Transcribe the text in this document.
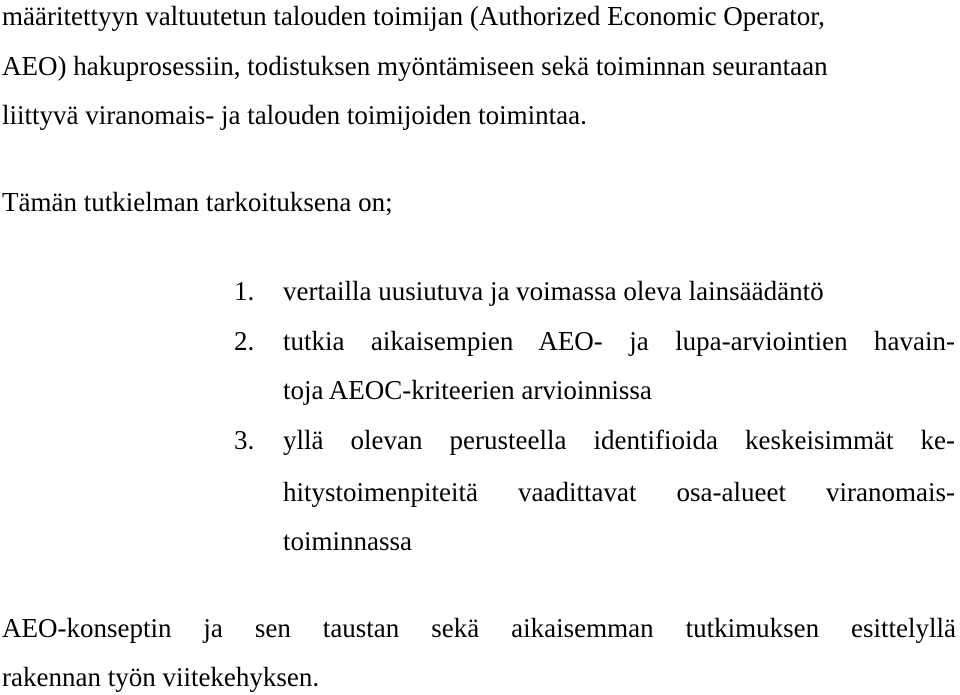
määritettyyn valtuutetun talouden toimijan (Authorized Economic Operator,
AEO) hakuprosessiin, todistuksen myöntämiseen sekä toiminnan seurantaan
liittyvä viranomais- ja talouden toimijoiden toimintaa.
Tämän tutkielman tarkoituksena on;
1. vertailla uusiutuva ja voimassa oleva lainsäädäntö
2. tutkia aikaisempien AEO- ja lupa-arviointien havain-
toja AEOC-kriteerien arvioinnissa
3. yllä olevan perusteella identifioida keskeisimmät ke-
hitystoimenpiteitä vaadittavat osa-alueet viranomais-
toiminnassa
AEO-konseptin ja sen taustan sekä aikaisemman tutkimuksen esittelyllä
rakennan työn viitekehyksen.
